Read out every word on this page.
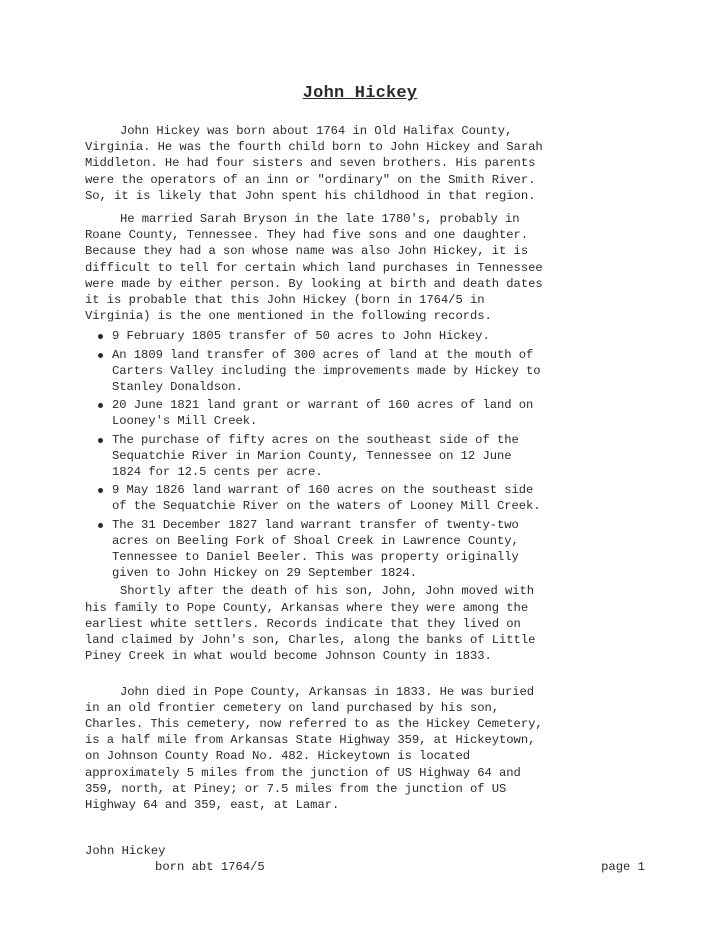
John Hickey

John Hickey was born about 1764 in Old Halifax County,
Virginia. He was the fourth child born to John Hickey and Sarah
Middleton. He had four sisters and seven brothers. His parents
were the operators of an inn or "ordinary" on the Smith River.
So, it is likely that John spent his childhood in that region.

He married Sarah Bryson in the late 1780's, probably in
Roane County, Tennessee. They had five sons and one daughter.
Because they had a son whose name was also John Hickey, it is
difficult to tell for certain which land purchases in Tennessee
were made by either person. By looking at birth and death dates
it is probable that this John Hickey (born in 1764/5 in
Virginia) is the one mentioned in the following records.

9 February 1805 transfer of 50 acres to John Hickey.
An 1809 land transfer of 300 acres of land at the mouth of
Carters Valley including the improvements made by Hickey to
Stanley Donaldson.
20 June 1821 land grant or warrant of 160 acres of land on
Looney's Mill Creek.
The purchase of fifty acres on the southeast side of the
Sequatchie River in Marion County, Tennessee on 12 June
1824 for 12.5 cents per acre.
9 May 1826 land warrant of 160 acres on the southeast side
of the Sequatchie River on the waters of Looney Mill Creek.
The 31 December 1827 land warrant transfer of twenty-two
acres on Beeling Fork of Shoal Creek in Lawrence County,
Tennessee to Daniel Beeler. This was property originally
given to John Hickey on 29 September 1824.

Shortly after the death of his son, John, John moved with
his family to Pope County, Arkansas where they were among the
earliest white settlers. Records indicate that they lived on
land claimed by John's son, Charles, along the banks of Little
Piney Creek in what would become Johnson County in 1833.

John died in Pope County, Arkansas in 1833. He was buried
in an old frontier cemetery on land purchased by his son,
Charles. This cemetery, now referred to as the Hickey Cemetery,
is a half mile from Arkansas State Highway 359, at Hickeytown,
on Johnson County Road No. 482. Hickeytown is located
approximately 5 miles from the junction of US Highway 64 and
359, north, at Piney; or 7.5 miles from the junction of US
Highway 64 and 359, east, at Lamar.

John Hickey
born abt 1764/5	page 1
